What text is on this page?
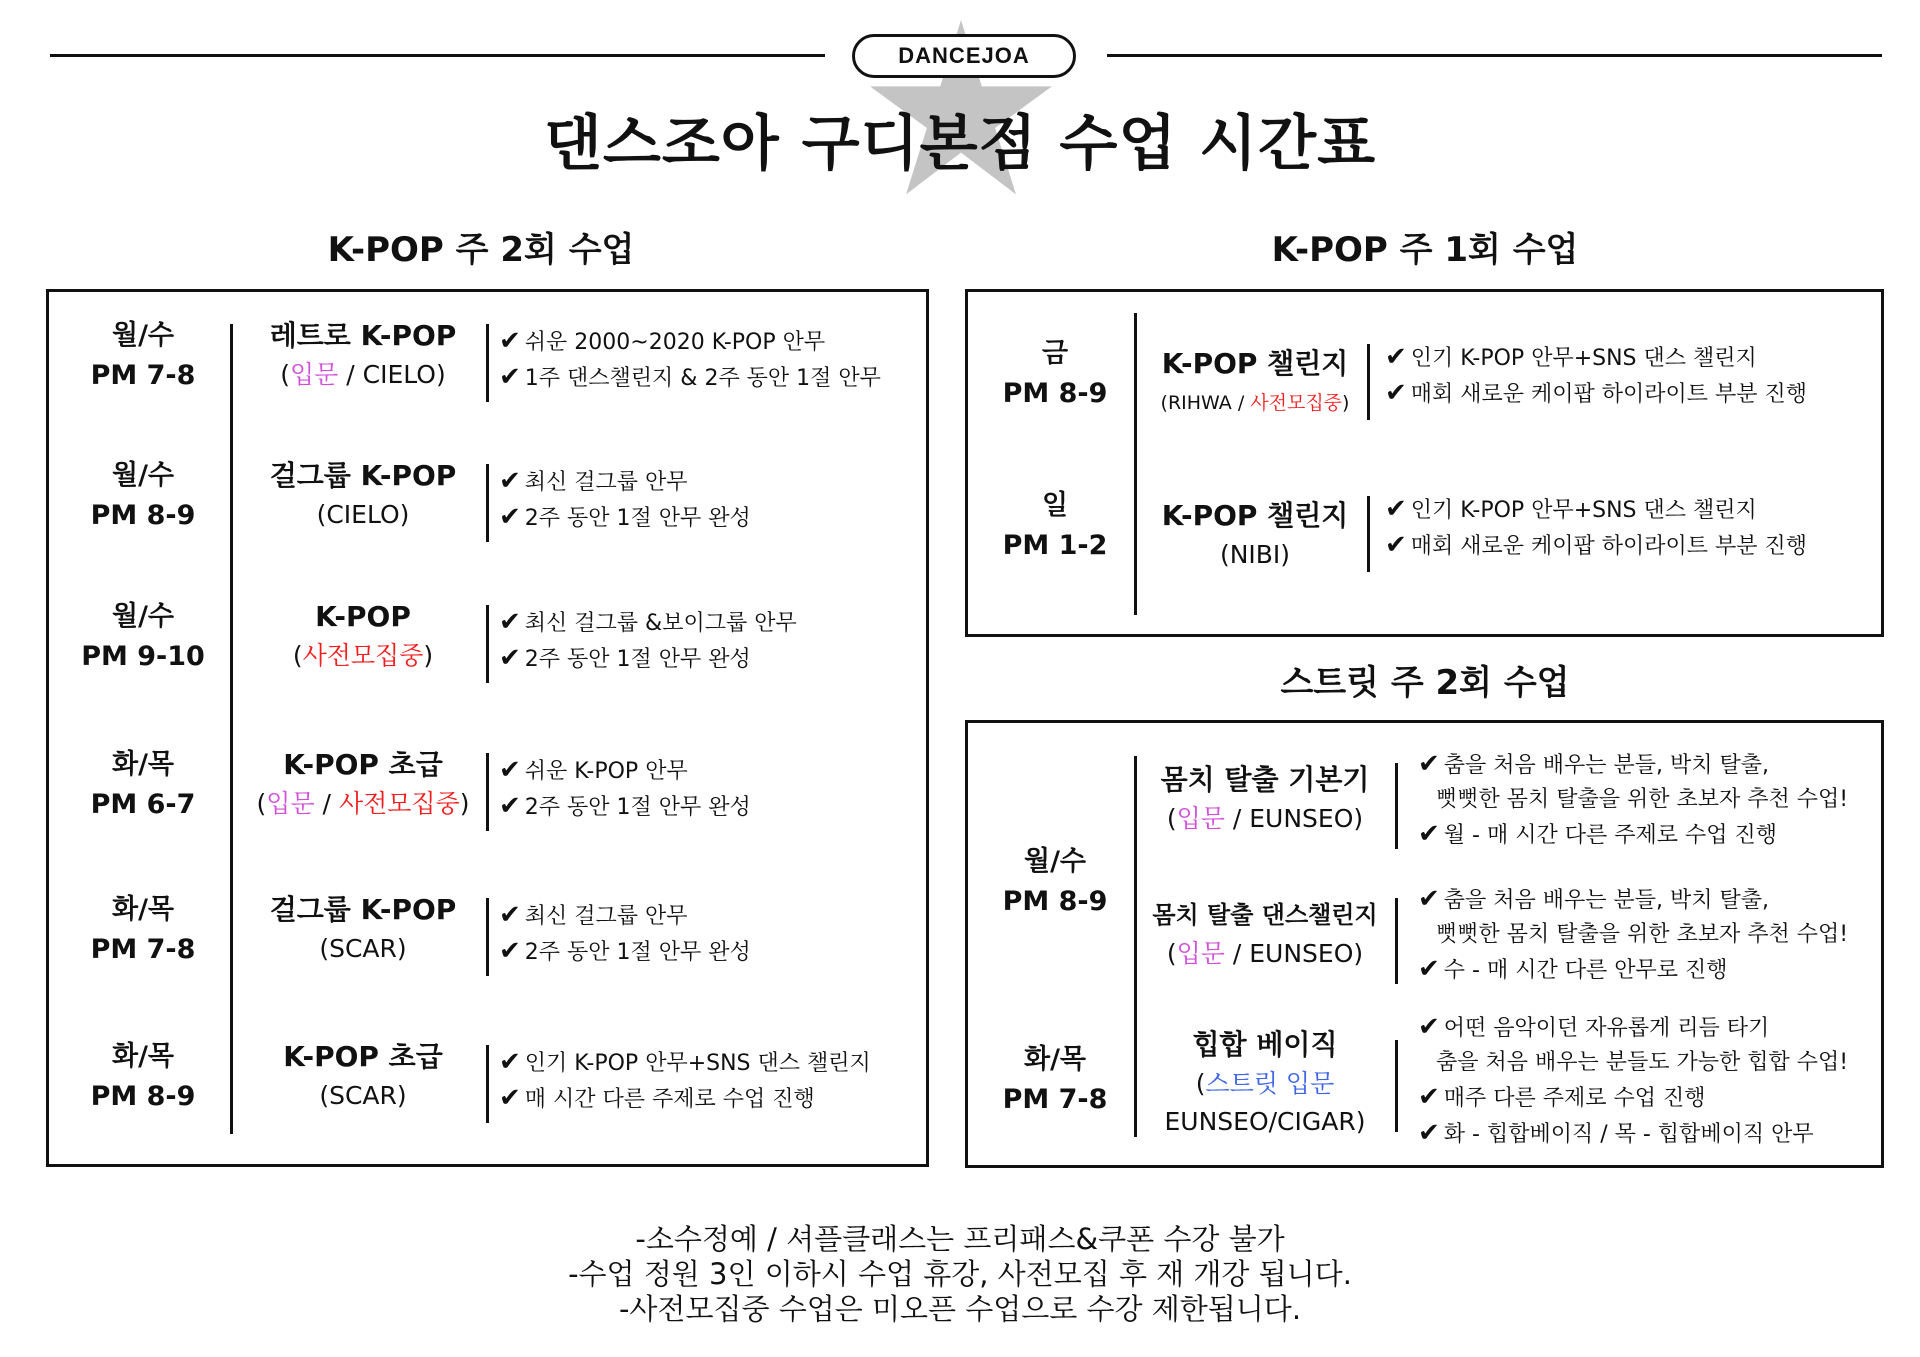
DANCEJOA
댄스조아 구디본점 수업 시간표
K-POP 주 2회 수업	K-POP 주 1회 수업
스트릿 주 2회 수업
월/수
PM 7-8
레트로 K-POP
(입문 / CIELO)
✔ 쉬운 2000~2020 K-POP 안무
✔ 1주 댄스챌린지 & 2주 동안 1절 안무
월/수
PM 8-9
걸그룹 K-POP
(CIELO)
✔ 최신 걸그룹 안무
✔ 2주 동안 1절 안무 완성
월/수
PM 9-10
K-POP
(사전모집중)
✔ 최신 걸그룹 &보이그룹 안무
✔ 2주 동안 1절 안무 완성
화/목
PM 6-7
K-POP 초급
(입문 / 사전모집중)
✔ 쉬운 K-POP 안무
✔ 2주 동안 1절 안무 완성
화/목
PM 7-8
걸그룹 K-POP
(SCAR)
✔ 최신 걸그룹 안무
✔ 2주 동안 1절 안무 완성
화/목
PM 8-9
K-POP 초급
(SCAR)
✔ 인기 K-POP 안무+SNS 댄스 챌린지
✔ 매 시간 다른 주제로 수업 진행
금
PM 8-9
K-POP 챌린지
(RIHWA / 사전모집중)
✔ 인기 K-POP 안무+SNS 댄스 챌린지
✔ 매회 새로운 케이팝 하이라이트 부분 진행
일
PM 1-2
K-POP 챌린지
(NIBI)
✔ 인기 K-POP 안무+SNS 댄스 챌린지
✔ 매회 새로운 케이팝 하이라이트 부분 진행
월/수
PM 8-9
화/목
PM 7-8
몸치 탈출 기본기
(입문 / EUNSEO)
✔ 춤을 처음 배우는 분들, 박치 탈출,
뻣뻣한 몸치 탈출을 위한 초보자 추천 수업!
✔ 월 - 매 시간 다른 주제로 수업 진행
몸치 탈출 댄스챌린지
(입문 / EUNSEO)
✔ 춤을 처음 배우는 분들, 박치 탈출,
뻣뻣한 몸치 탈출을 위한 초보자 추천 수업!
✔ 수 - 매 시간 다른 안무로 진행
힙합 베이직
(스트릿 입문
EUNSEO/CIGAR)
✔ 어떤 음악이던 자유롭게 리듬 타기
춤을 처음 배우는 분들도 가능한 힙합 수업!
✔ 매주 다른 주제로 수업 진행
✔ 화 - 힙합베이직 / 목 - 힙합베이직 안무
-소수정예 / 셔플클래스는 프리패스&쿠폰 수강 불가
-수업 정원 3인 이하시 수업 휴강, 사전모집 후 재 개강 됩니다.
-사전모집중 수업은 미오픈 수업으로 수강 제한됩니다.
